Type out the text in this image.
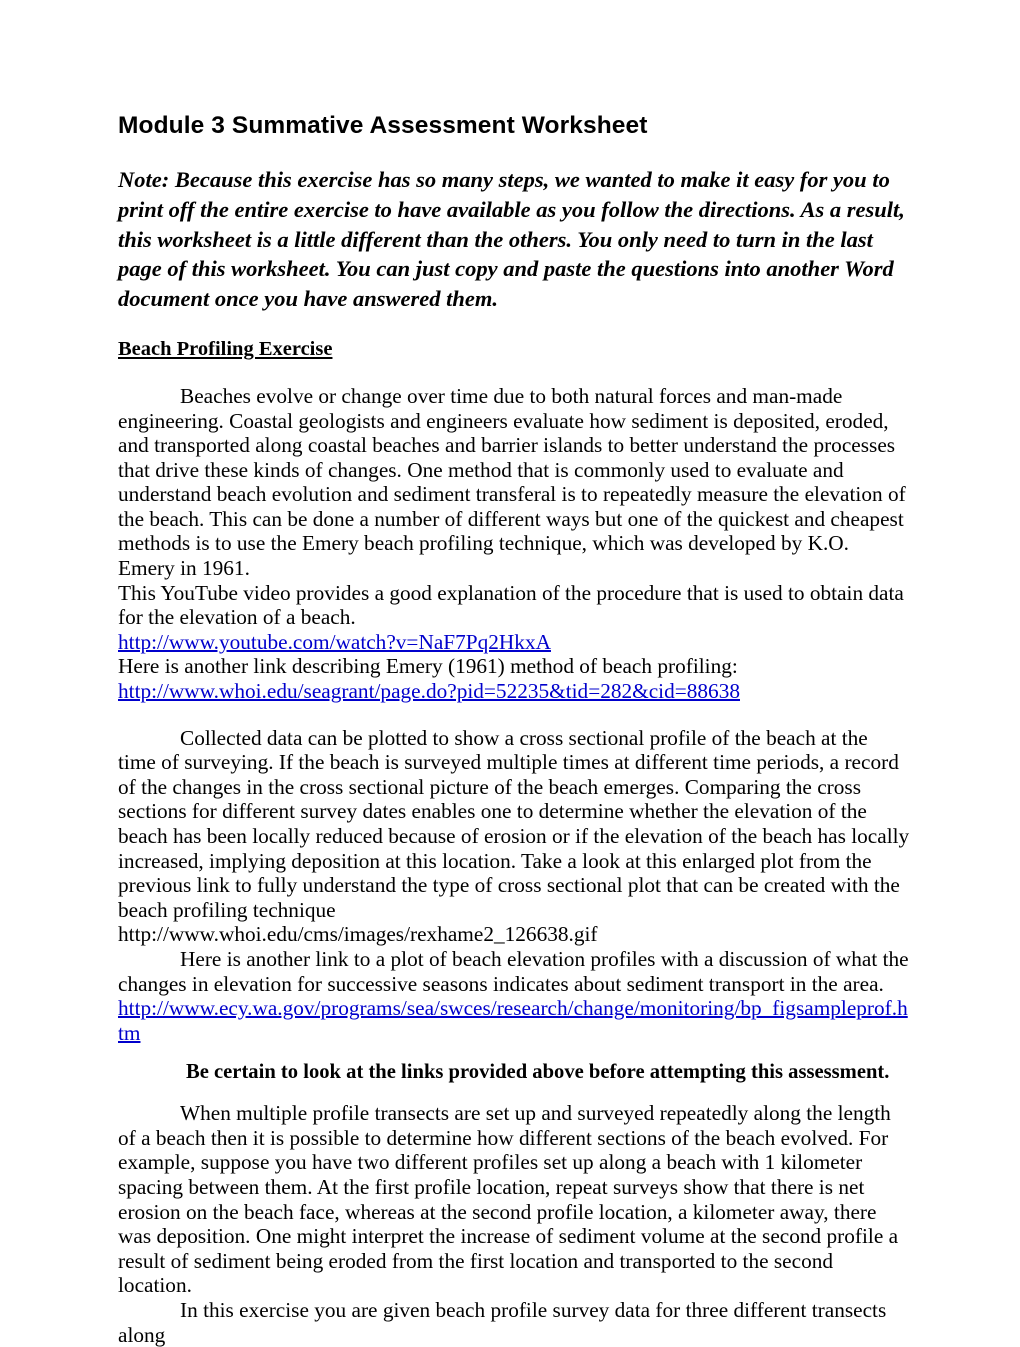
Module 3 Summative Assessment Worksheet

Note: Because this exercise has so many steps, we wanted to make it easy for you to print off the entire exercise to have available as you follow the directions. As a result, this worksheet is a little different than the others. You only need to turn in the last page of this worksheet. You can just copy and paste the questions into another Word document once you have answered them.

Beach Profiling Exercise

Beaches evolve or change over time due to both natural forces and man-made engineering. Coastal geologists and engineers evaluate how sediment is deposited, eroded, and transported along coastal beaches and barrier islands to better understand the processes that drive these kinds of changes. One method that is commonly used to evaluate and understand beach evolution and sediment transferal is to repeatedly measure the elevation of the beach. This can be done a number of different ways but one of the quickest and cheapest methods is to use the Emery beach profiling technique, which was developed by K.O. Emery in 1961.

This YouTube video provides a good explanation of the procedure that is used to obtain data for the elevation of a beach.

http://www.youtube.com/watch?v=NaF7Pq2HkxA

Here is another link describing Emery (1961) method of beach profiling:

http://www.whoi.edu/seagrant/page.do?pid=52235&tid=282&cid=88638

Collected data can be plotted to show a cross sectional profile of the beach at the time of surveying. If the beach is surveyed multiple times at different time periods, a record of the changes in the cross sectional picture of the beach emerges. Comparing the cross sections for different survey dates enables one to determine whether the elevation of the beach has been locally reduced because of erosion or if the elevation of the beach has locally increased, implying deposition at this location. Take a look at this enlarged plot from the previous link to fully understand the type of cross sectional plot that can be created with the beach profiling technique

http://www.whoi.edu/cms/images/rexhame2_126638.gif

Here is another link to a plot of beach elevation profiles with a discussion of what the changes in elevation for successive seasons indicates about sediment transport in the area.

http://www.ecy.wa.gov/programs/sea/swces/research/change/monitoring/bp_figsampleprof.htm

Be certain to look at the links provided above before attempting this assessment.

When multiple profile transects are set up and surveyed repeatedly along the length of a beach then it is possible to determine how different sections of the beach evolved. For example, suppose you have two different profiles set up along a beach with 1 kilometer spacing between them. At the first profile location, repeat surveys show that there is net erosion on the beach face, whereas at the second profile location, a kilometer away, there was deposition. One might interpret the increase of sediment volume at the second profile a result of sediment being eroded from the first location and transported to the second location.

In this exercise you are given beach profile survey data for three different transects along
